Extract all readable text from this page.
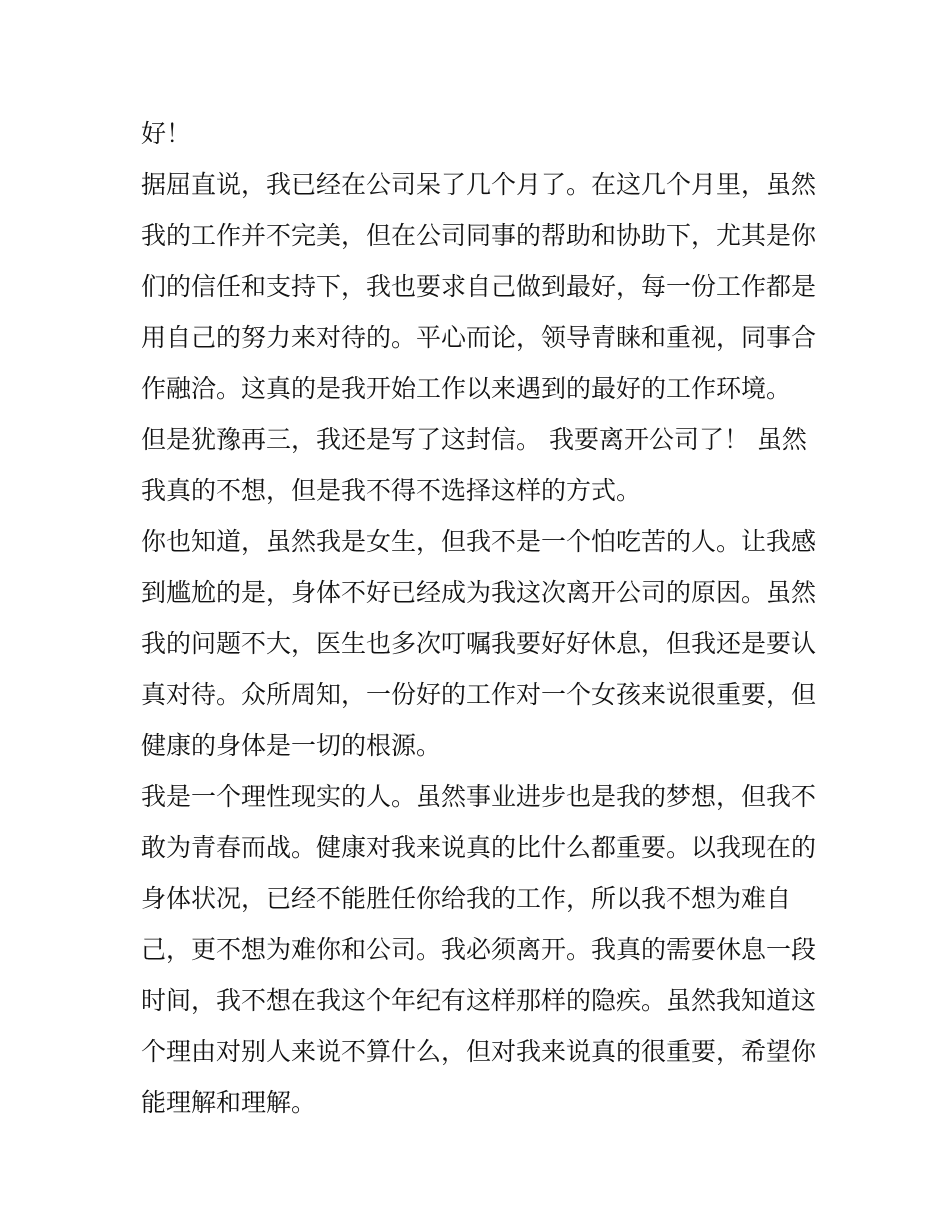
好！
据屈直说，我已经在公司呆了几个月了。在这几个月里，虽然
我的工作并不完美，但在公司同事的帮助和协助下，尤其是你
们的信任和支持下，我也要求自己做到最好，每一份工作都是
用自己的努力来对待的。平心而论，领导青睐和重视，同事合
作融洽。这真的是我开始工作以来遇到的最好的工作环境。
但是犹豫再三，我还是写了这封信。 我要离开公司了！ 虽然
我真的不想，但是我不得不选择这样的方式。
你也知道，虽然我是女生，但我不是一个怕吃苦的人。让我感
到尴尬的是，身体不好已经成为我这次离开公司的原因。虽然
我的问题不大，医生也多次叮嘱我要好好休息，但我还是要认
真对待。众所周知，一份好的工作对一个女孩来说很重要，但
健康的身体是一切的根源。
我是一个理性现实的人。虽然事业进步也是我的梦想，但我不
敢为青春而战。健康对我来说真的比什么都重要。以我现在的
身体状况，已经不能胜任你给我的工作，所以我不想为难自
己，更不想为难你和公司。我必须离开。我真的需要休息一段
时间，我不想在我这个年纪有这样那样的隐疾。虽然我知道这
个理由对别人来说不算什么，但对我来说真的很重要，希望你
能理解和理解。
